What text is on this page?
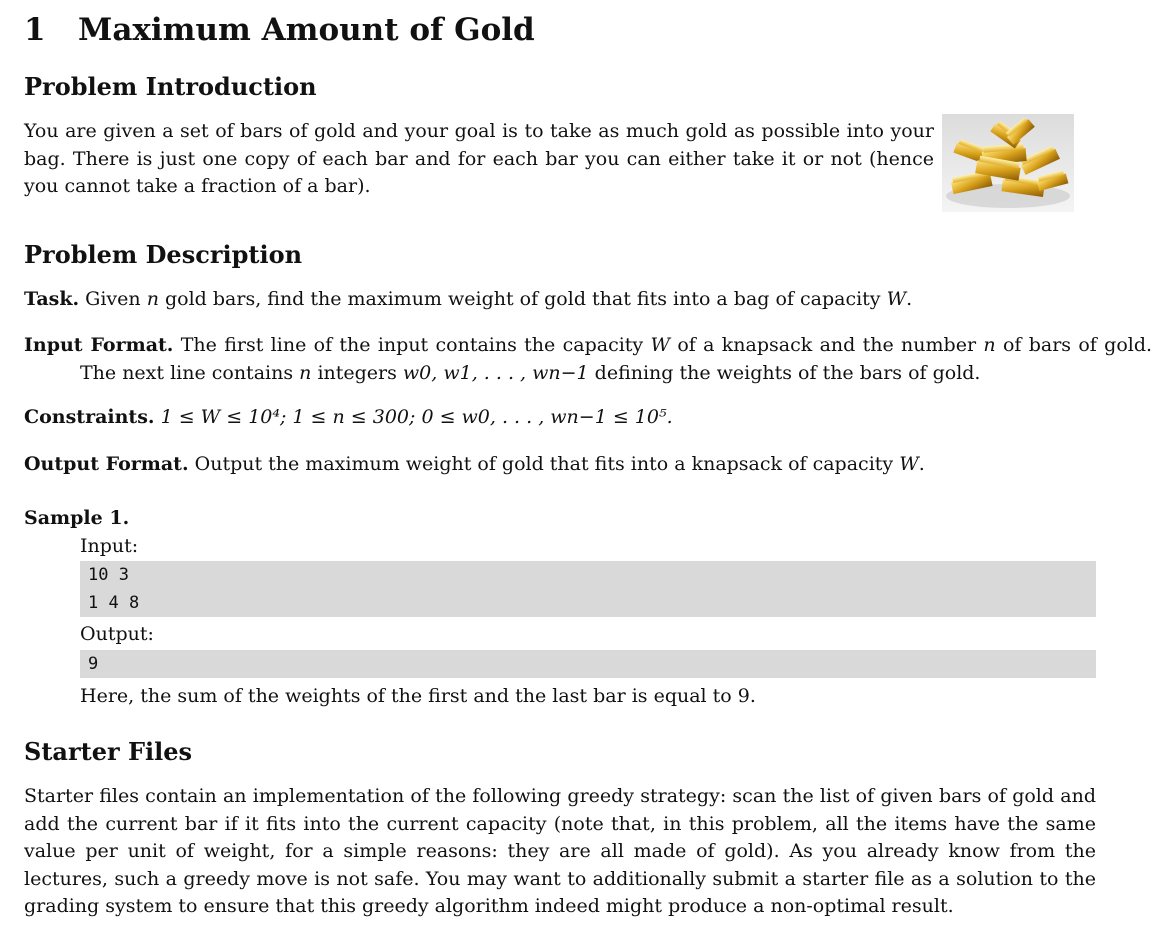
1 Maximum Amount of Gold
Problem Introduction
You are given a set of bars of gold and your goal is to take as much gold as possible into your bag. There is just one copy of each bar and for each bar you can either take it or not (hence you cannot take a fraction of a bar).
Problem Description
Task. Given n gold bars, find the maximum weight of gold that fits into a bag of capacity W.
Input Format. The first line of the input contains the capacity W of a knapsack and the number n of bars of gold. The next line contains n integers w0, w1, . . . , wn−1 defining the weights of the bars of gold.
Constraints. 1 ≤ W ≤ 10⁴; 1 ≤ n ≤ 300; 0 ≤ w0, . . . , wn−1 ≤ 10⁵.
Output Format. Output the maximum weight of gold that fits into a knapsack of capacity W.
Sample 1.
Input:
10 3
1 4 8
Output:
9
Here, the sum of the weights of the first and the last bar is equal to 9.
Starter Files
Starter files contain an implementation of the following greedy strategy: scan the list of given bars of gold and add the current bar if it fits into the current capacity (note that, in this problem, all the items have the same value per unit of weight, for a simple reasons: they are all made of gold). As you already know from the lectures, such a greedy move is not safe. You may want to additionally submit a starter file as a solution to the grading system to ensure that this greedy algorithm indeed might produce a non-optimal result.
